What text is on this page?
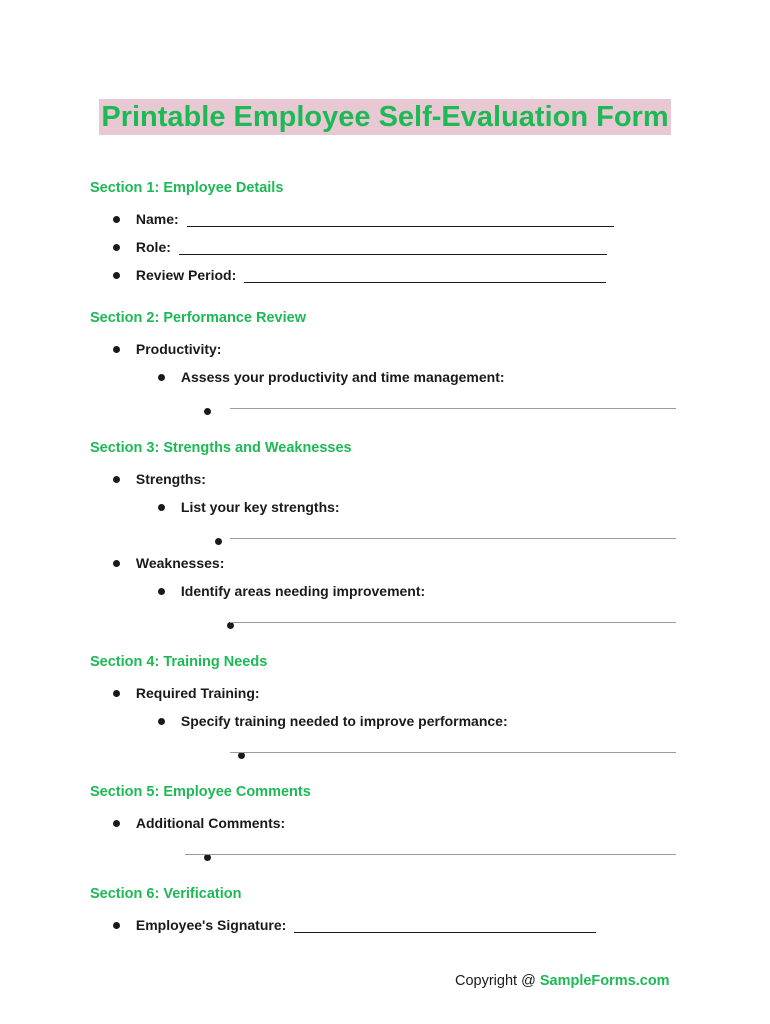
Printable Employee Self-Evaluation Form
Section 1: Employee Details
Name:
Role:
Review Period:
Section 2: Performance Review
Productivity:
Assess your productivity and time management:

Section 3: Strengths and Weaknesses
Strengths:
List your key strengths:

Weaknesses:
Identify areas needing improvement:

Section 4: Training Needs
Required Training:
Specify training needed to improve performance:

Section 5: Employee Comments
Additional Comments:
Section 6: Verification
Employee's Signature:
Copyright @ SampleForms.com
